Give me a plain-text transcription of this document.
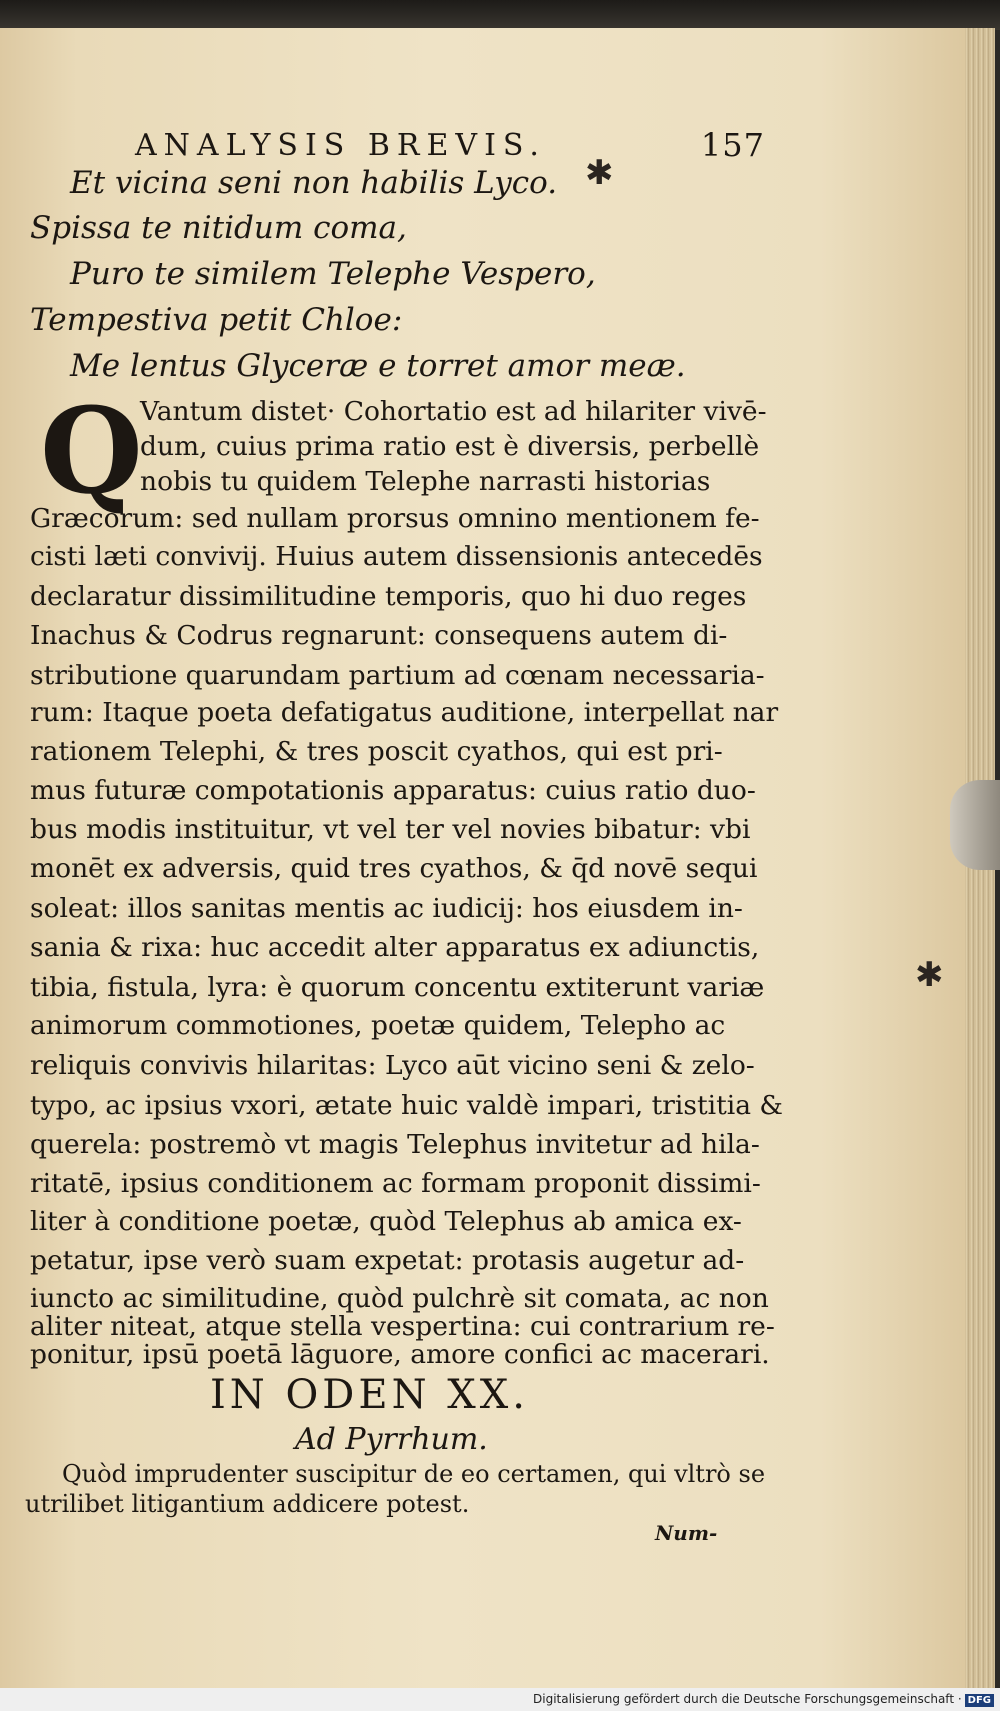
ANALYSIS BREVIS.	157
Et vicina seni non habilis Lyco.
Spissa te nitidum coma,
Puro te similem Telephe Vespero,
Tempestiva petit Chloe:
Me lentus Glyceræ e torret amor meæ.
Q
Vantum distet· Cohortatio est ad hilariter vivē-
dum, cuius prima ratio est è diversis, perbellè
nobis tu quidem Telephe narrasti historias
Græcorum: sed nullam prorsus omnino mentionem fe-
cisti læti convivij. Huius autem dissensionis antecedēs
declaratur dissimilitudine temporis, quo hi duo reges
Inachus & Codrus regnarunt: consequens autem di-
stributione quarundam partium ad cœnam necessaria-
rum: Itaque poeta defatigatus auditione, interpellat nar
rationem Telephi, & tres poscit cyathos, qui est pri-
mus futuræ compotationis apparatus: cuius ratio duo-
bus modis instituitur, vt vel ter vel novies bibatur: vbi
monēt ex adversis, quid tres cyathos, & q̄d novē sequi
soleat: illos sanitas mentis ac iudicij: hos eiusdem in-
sania & rixa: huc accedit alter apparatus ex adiunctis,
tibia, fistula, lyra: è quorum concentu extiterunt variæ
animorum commotiones, poetæ quidem, Telepho ac
reliquis convivis hilaritas: Lyco aūt vicino seni & zelo-
typo, ac ipsius vxori, ætate huic valdè impari, tristitia &
querela: postremò vt magis Telephus invitetur ad hila-
ritatē, ipsius conditionem ac formam proponit dissimi-
liter à conditione poetæ, quòd Telephus ab amica ex-
petatur, ipse verò suam expetat: protasis augetur ad-
iuncto ac similitudine, quòd pulchrè sit comata, ac non
aliter niteat, atque stella vespertina: cui contrarium re-
IN ODEN XX.
Ad Pyrrhum.
Quòd imprudenter suscipitur de eo certamen, qui vltrò se
utrilibet litigantium addicere potest.
Num-
✱
✱
ponitur, ipsū poetā lāguore, amore confici ac macerari.
Digitalisierung gefördert durch die Deutsche Forschungsgemeinschaft · DFG
